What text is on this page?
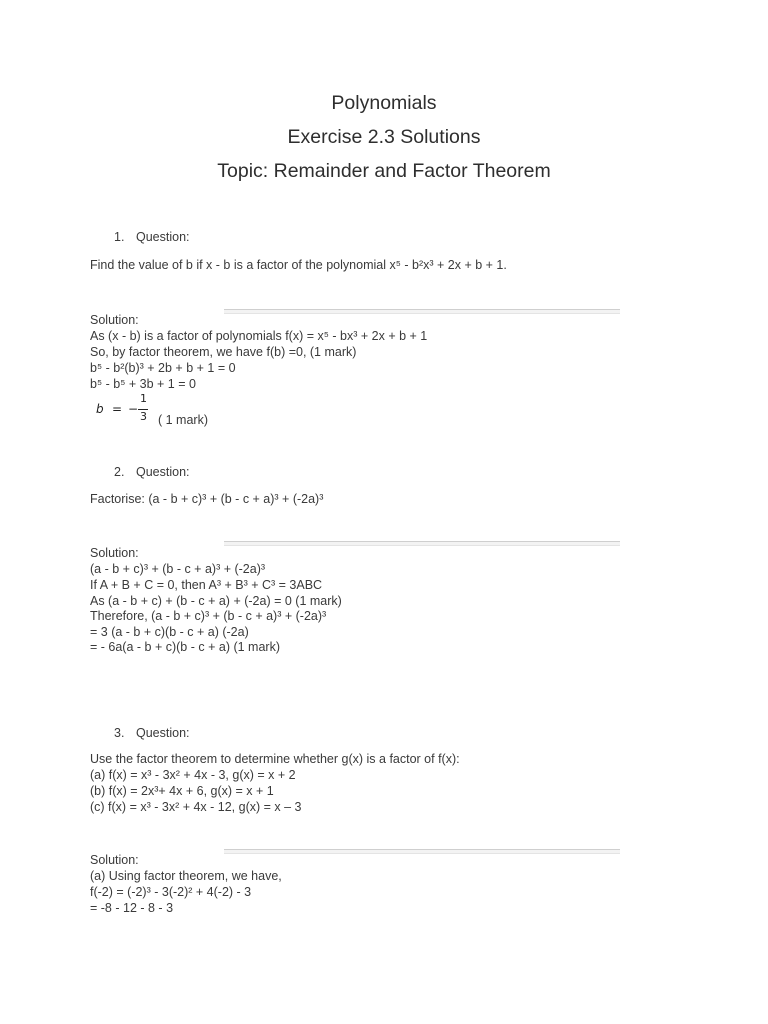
Polynomials
Exercise 2.3 Solutions
Topic: Remainder and Factor Theorem
1. Question:
Find the value of b if x - b is a factor of the polynomial x⁵ - b²x³ + 2x + b + 1.
Solution:
As (x - b) is a factor of polynomials f(x) = x⁵ - bx³ + 2x + b + 1
So, by factor theorem, we have f(b) =0, (1 mark)
b⁵ - b²(b)³ + 2b + b + 1 = 0
b⁵ - b⁵ + 3b + 1 = 0
b = −
1
3 ( 1 mark)
2. Question:
Factorise: (a - b + c)³ + (b - c + a)³ + (-2a)³
Solution:
(a - b + c)³ + (b - c + a)³ + (-2a)³
If A + B + C = 0, then A³ + B³ + C³ = 3ABC
As (a - b + c) + (b - c + a) + (-2a) = 0 (1 mark)
Therefore, (a - b + c)³ + (b - c + a)³ + (-2a)³
= 3 (a - b + c)(b - c + a) (-2a)
= - 6a(a - b + c)(b - c + a) (1 mark)
3. Question:
Use the factor theorem to determine whether g(x) is a factor of f(x):
(a) f(x) = x³ - 3x² + 4x - 3, g(x) = x + 2
(b) f(x) = 2x³+ 4x + 6, g(x) = x + 1
(c) f(x) = x³ - 3x² + 4x - 12, g(x) = x – 3
Solution:
(a) Using factor theorem, we have,
f(-2) = (-2)³ - 3(-2)² + 4(-2) - 3
= -8 - 12 - 8 - 3
